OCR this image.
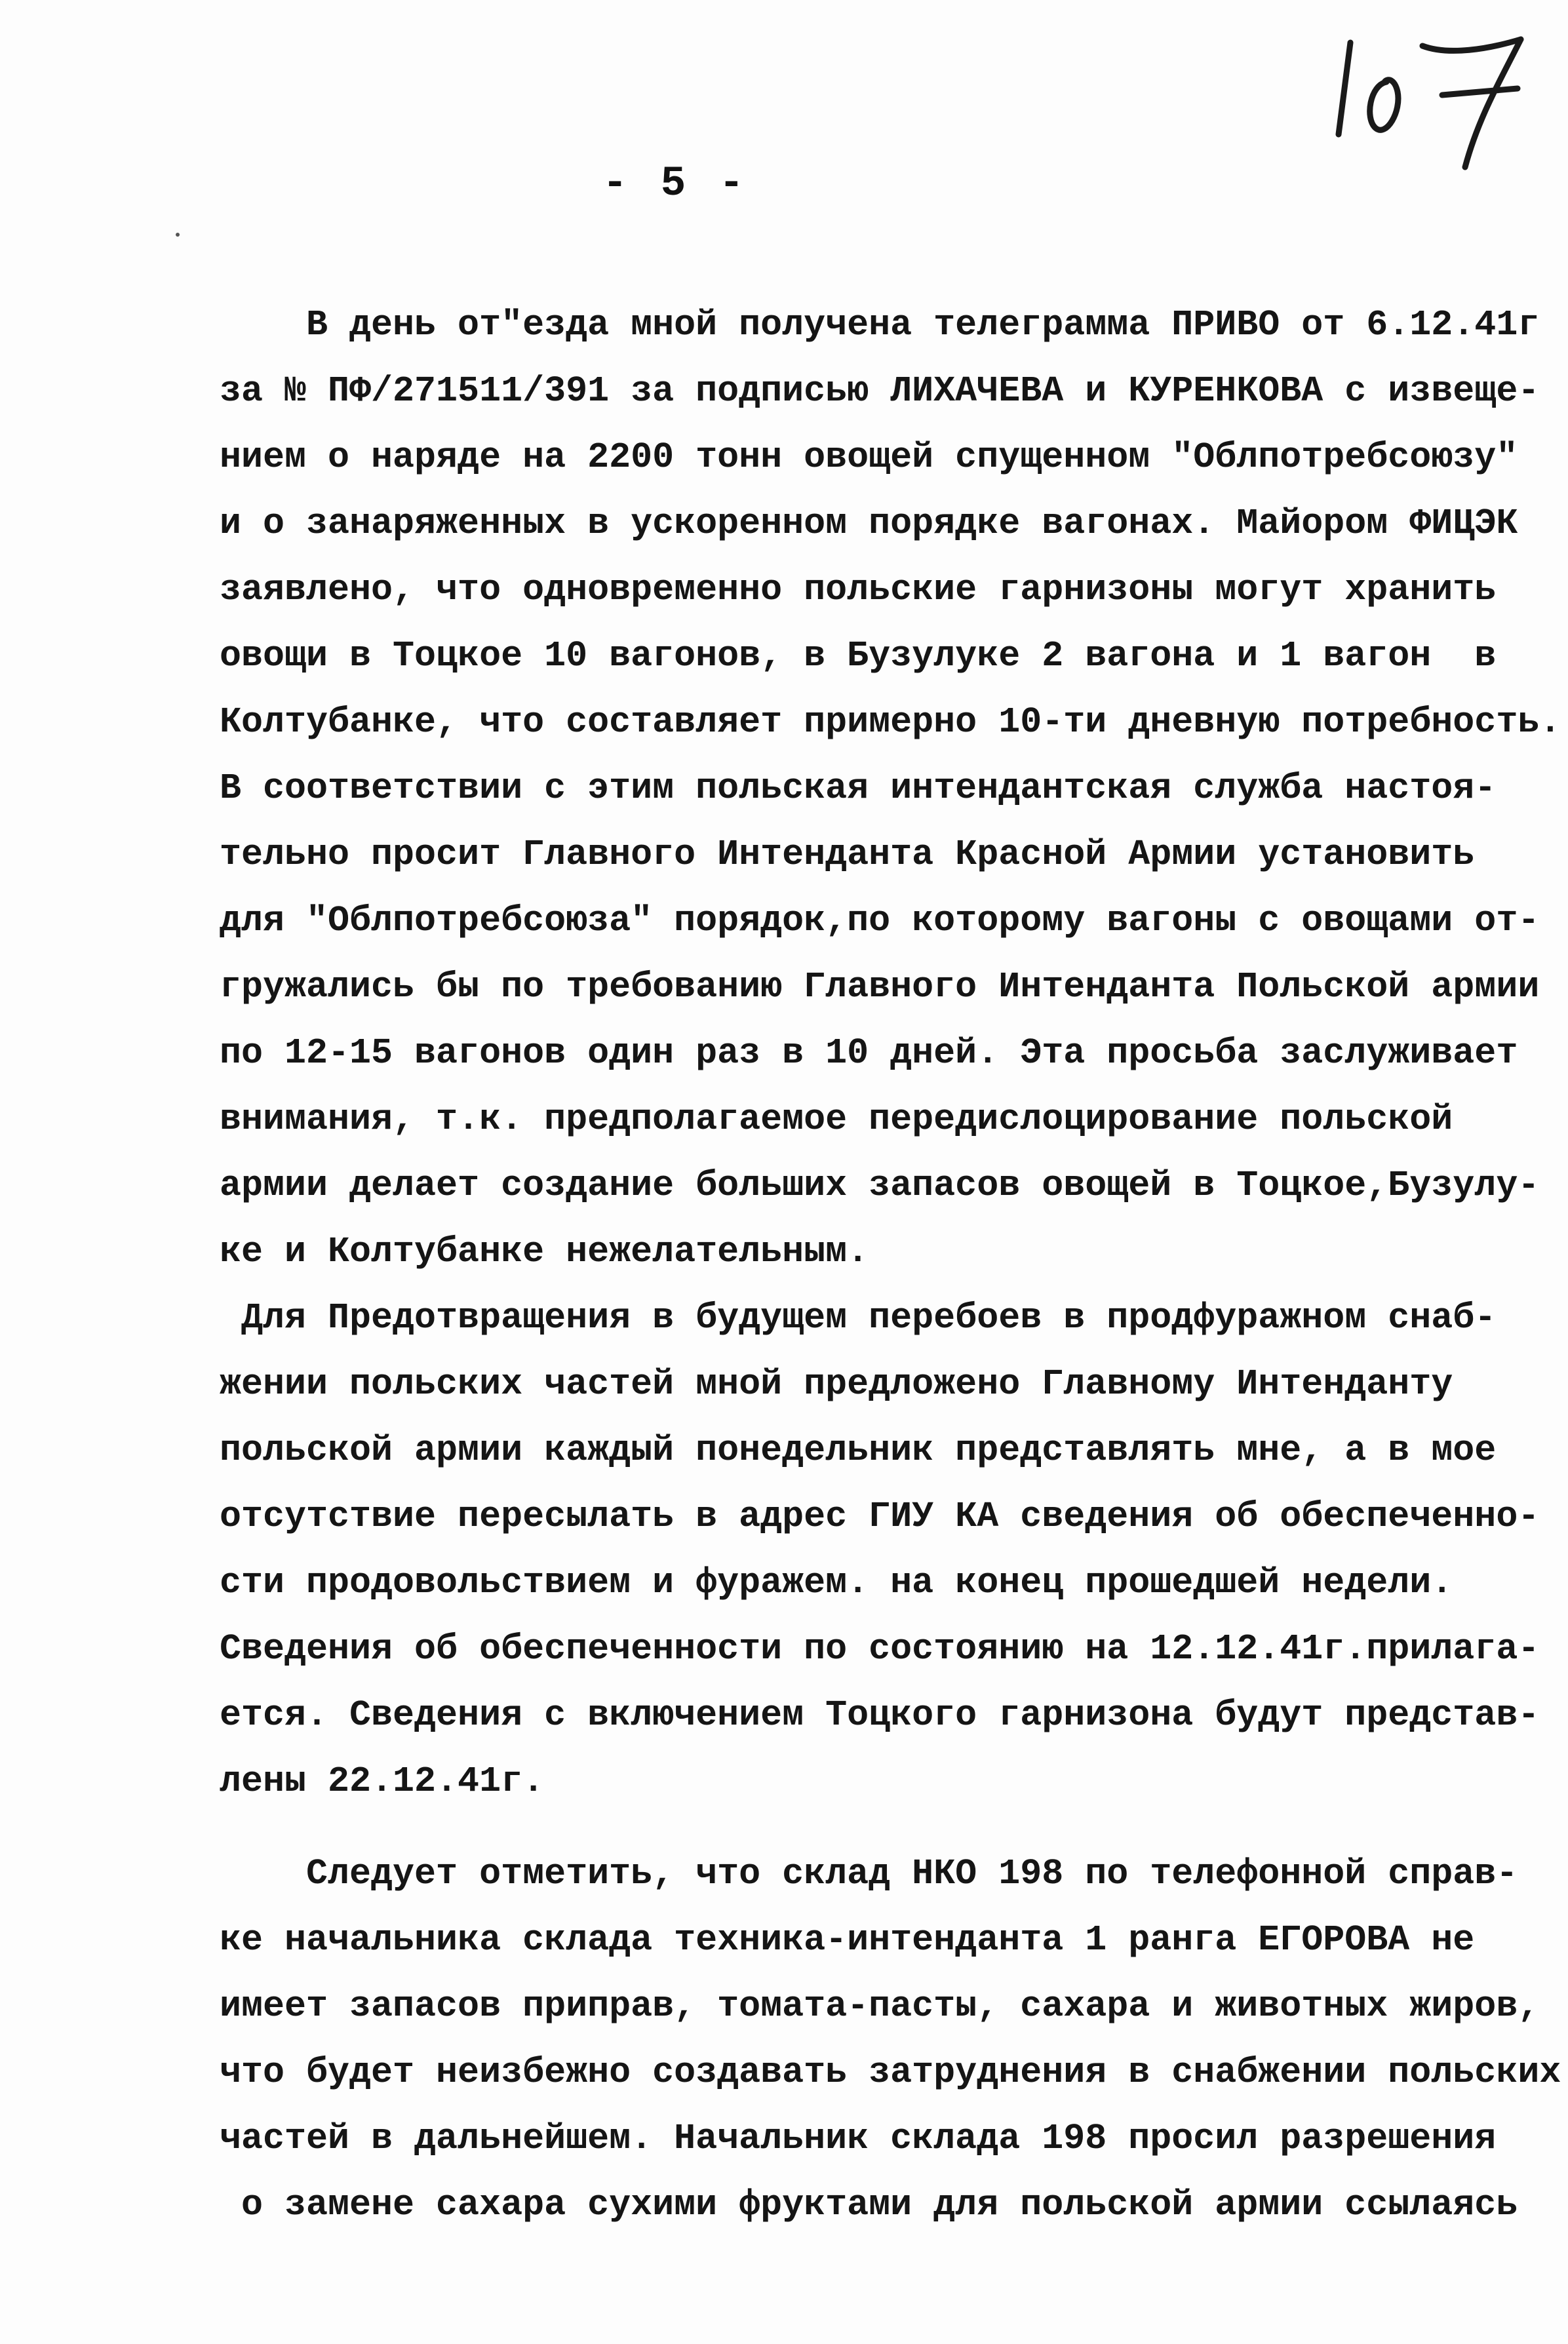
- 5 -
В день от"езда мной получена телеграмма ПРИВО от 6.12.41г
за № ПФ/271511/391 за подписью ЛИХАЧЕВА и КУРЕНКОВА с извеще-
нием о наряде на 2200 тонн овощей спущенном "Облпотребсоюзу"
и о занаряженных в ускоренном порядке вагонах. Майором ФИЦЭК
заявлено, что одновременно польские гарнизоны могут хранить
овощи в Тоцкое 10 вагонов, в Бузулуке 2 вагона и 1 вагон  в
Колтубанке, что составляет примерно 10-ти дневную потребность.
В соответствии с этим польская интендантская служба настоя-
тельно просит Главного Интенданта Красной Армии установить
для "Облпотребсоюза" порядок,по которому вагоны с овощами от-
гружались бы по требованию Главного Интенданта Польской армии
по 12-15 вагонов один раз в 10 дней. Эта просьба заслуживает
внимания, т.к. предполагаемое передислоцирование польской
армии делает создание больших запасов овощей в Тоцкое,Бузулу-
ке и Колтубанке нежелательным.
Для Предотвращения в будущем перебоев в продфуражном снаб-
жении польских частей мной предложено Главному Интенданту
польской армии каждый понедельник представлять мне, а в мое
отсутствие пересылать в адрес ГИУ КА сведения об обеспеченно-
сти продовольствием и фуражем. на конец прошедшей недели.
Сведения об обеспеченности по состоянию на 12.12.41г.прилага-
ется. Сведения с включением Тоцкого гарнизона будут представ-
лены 22.12.41г.
Следует отметить, что склад НКО 198 по телефонной справ-
ке начальника склада техника-интенданта 1 ранга ЕГОРОВА не
имеет запасов приправ, томата-пасты, сахара и животных жиров,
что будет неизбежно создавать затруднения в снабжении польских
частей в дальнейшем. Начальник склада 198 просил разрешения
о замене сахара сухими фруктами для польской армии ссылаясь
